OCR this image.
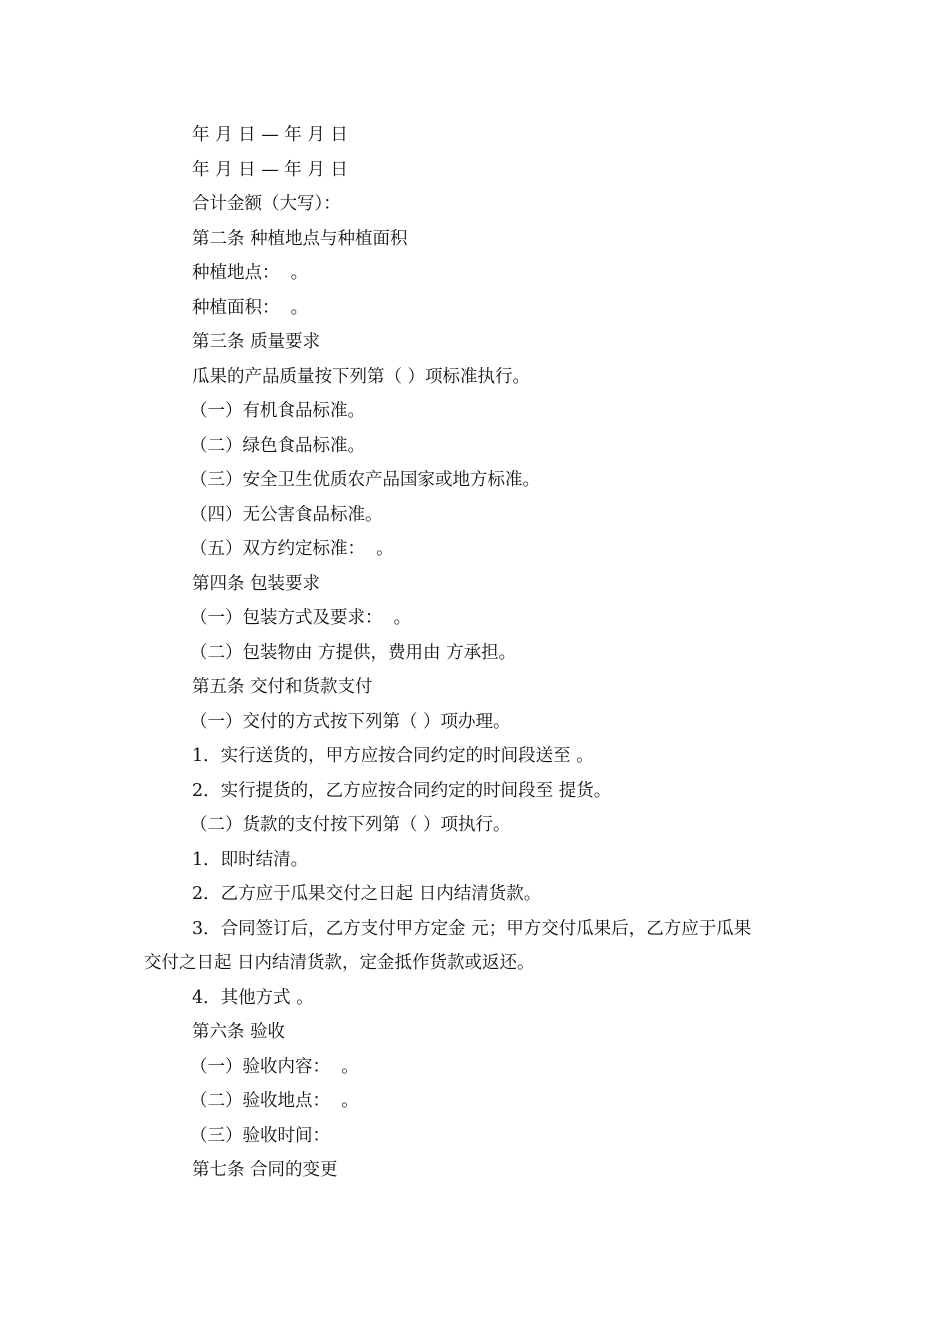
年 月 日 — 年 月 日

年 月 日 — 年 月 日

合计金额（大写）：

第二条 种植地点与种植面积

种植地点：  。

种植面积：  。

第三条 质量要求

瓜果的产品质量按下列第（ ）项标准执行。

（一）有机食品标准。

（二）绿色食品标准。

（三）安全卫生优质农产品国家或地方标准。

（四）无公害食品标准。

（五）双方约定标准：  。

第四条 包装要求

（一）包装方式及要求：  。

（二）包装物由 方提供，费用由 方承担。

第五条 交付和货款支付

（一）交付的方式按下列第（ ）项办理。

1．实行送货的，甲方应按合同约定的时间段送至 。

2．实行提货的，乙方应按合同约定的时间段至 提货。

（二）货款的支付按下列第（ ）项执行。

1．即时结清。

2．乙方应于瓜果交付之日起 日内结清货款。

3．合同签订后，乙方支付甲方定金 元；甲方交付瓜果后，乙方应于瓜果

交付之日起 日内结清货款，定金抵作货款或返还。

4．其他方式 。

第六条 验收

（一）验收内容：  。

（二）验收地点：  。

（三）验收时间：

第七条 合同的变更
